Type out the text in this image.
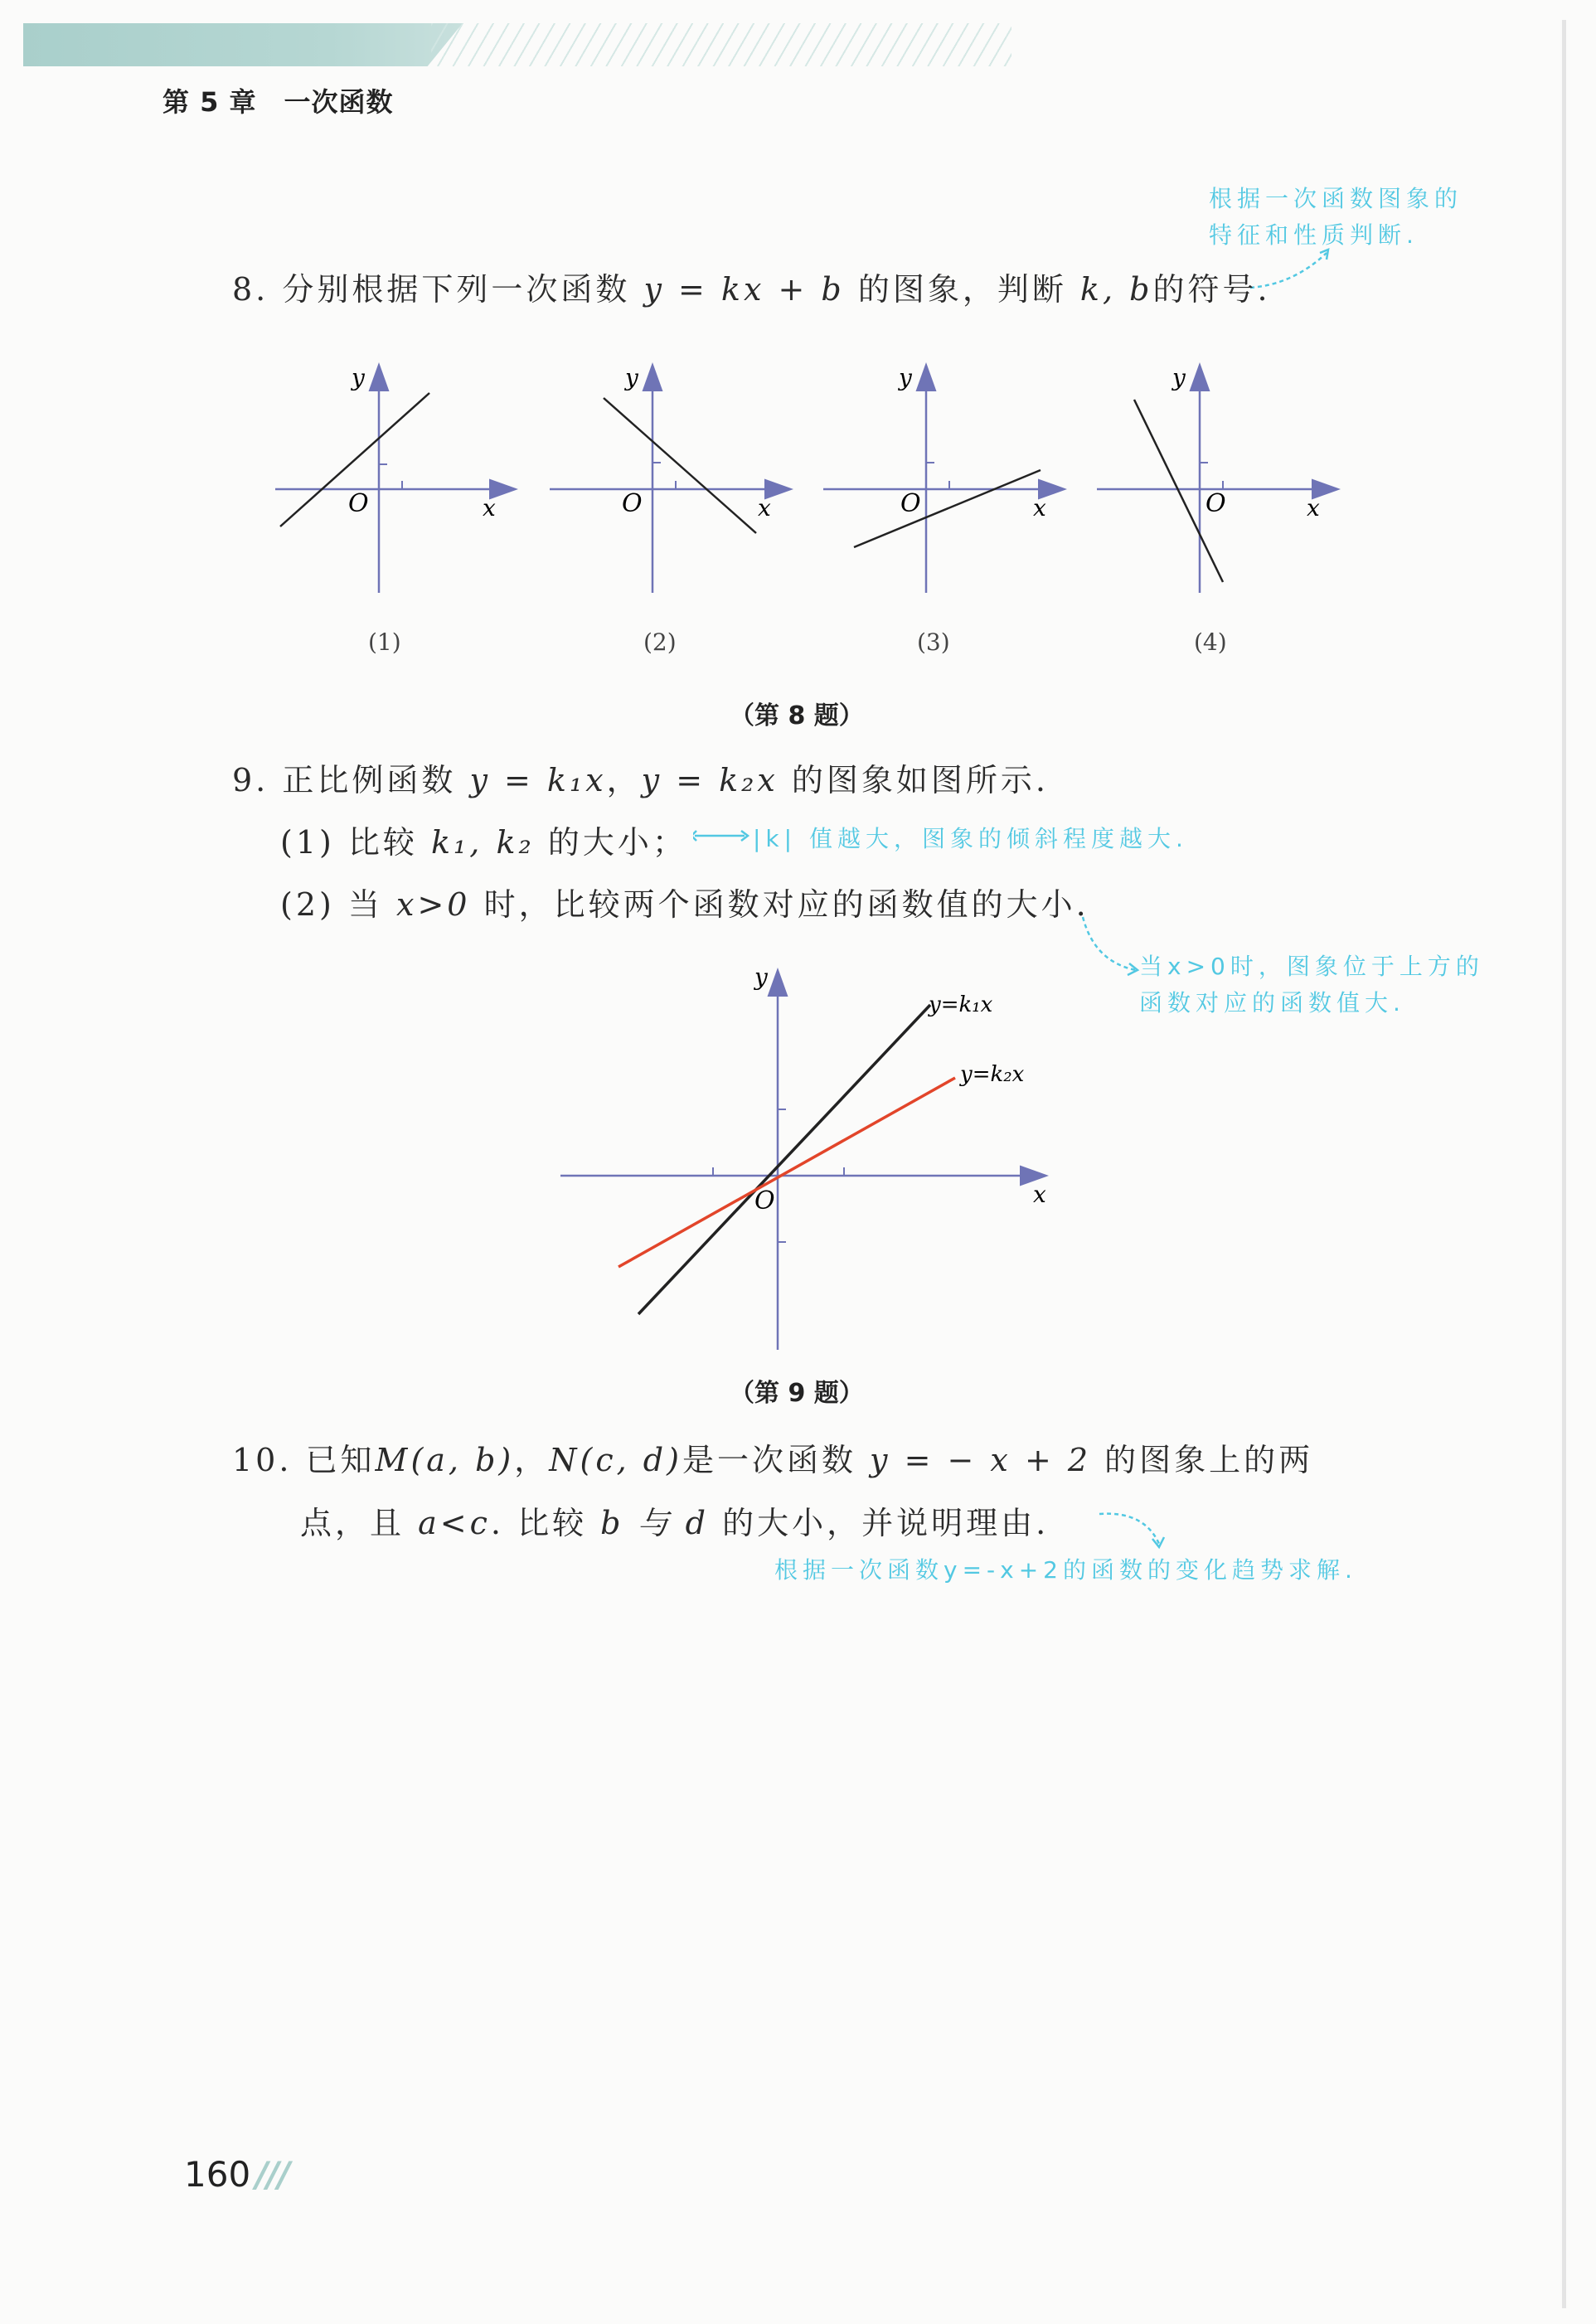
第 5 章　一次函数
根据一次函数图象的
特征和性质判断.
8. 分别根据下列一次函数 y = kx + b 的图象，判断 k, b的符号.
O	x
y
O	x
y
O	x
y
O	x
y
(1)	(2)	(3)	(4)
（第 8 题）
9. 正比例函数 y = k₁x，y = k₂x 的图象如图所示.
(1) 比较 k₁, k₂ 的大小；	|k| 值越大，图象的倾斜程度越大.
(2) 当 x>0 时，比较两个函数对应的函数值的大小.
当x>0时，图象位于上方的
函数对应的函数值大.
O	x
y
y=k₁x
y=k₂x
（第 9 题）
10. 已知M(a, b)，N(c, d)是一次函数 y = − x + 2 的图象上的两
点，且 a<c. 比较 b 与 d 的大小，并说明理由.
根据一次函数y=-x+2的函数的变化趋势求解.
160 ///
